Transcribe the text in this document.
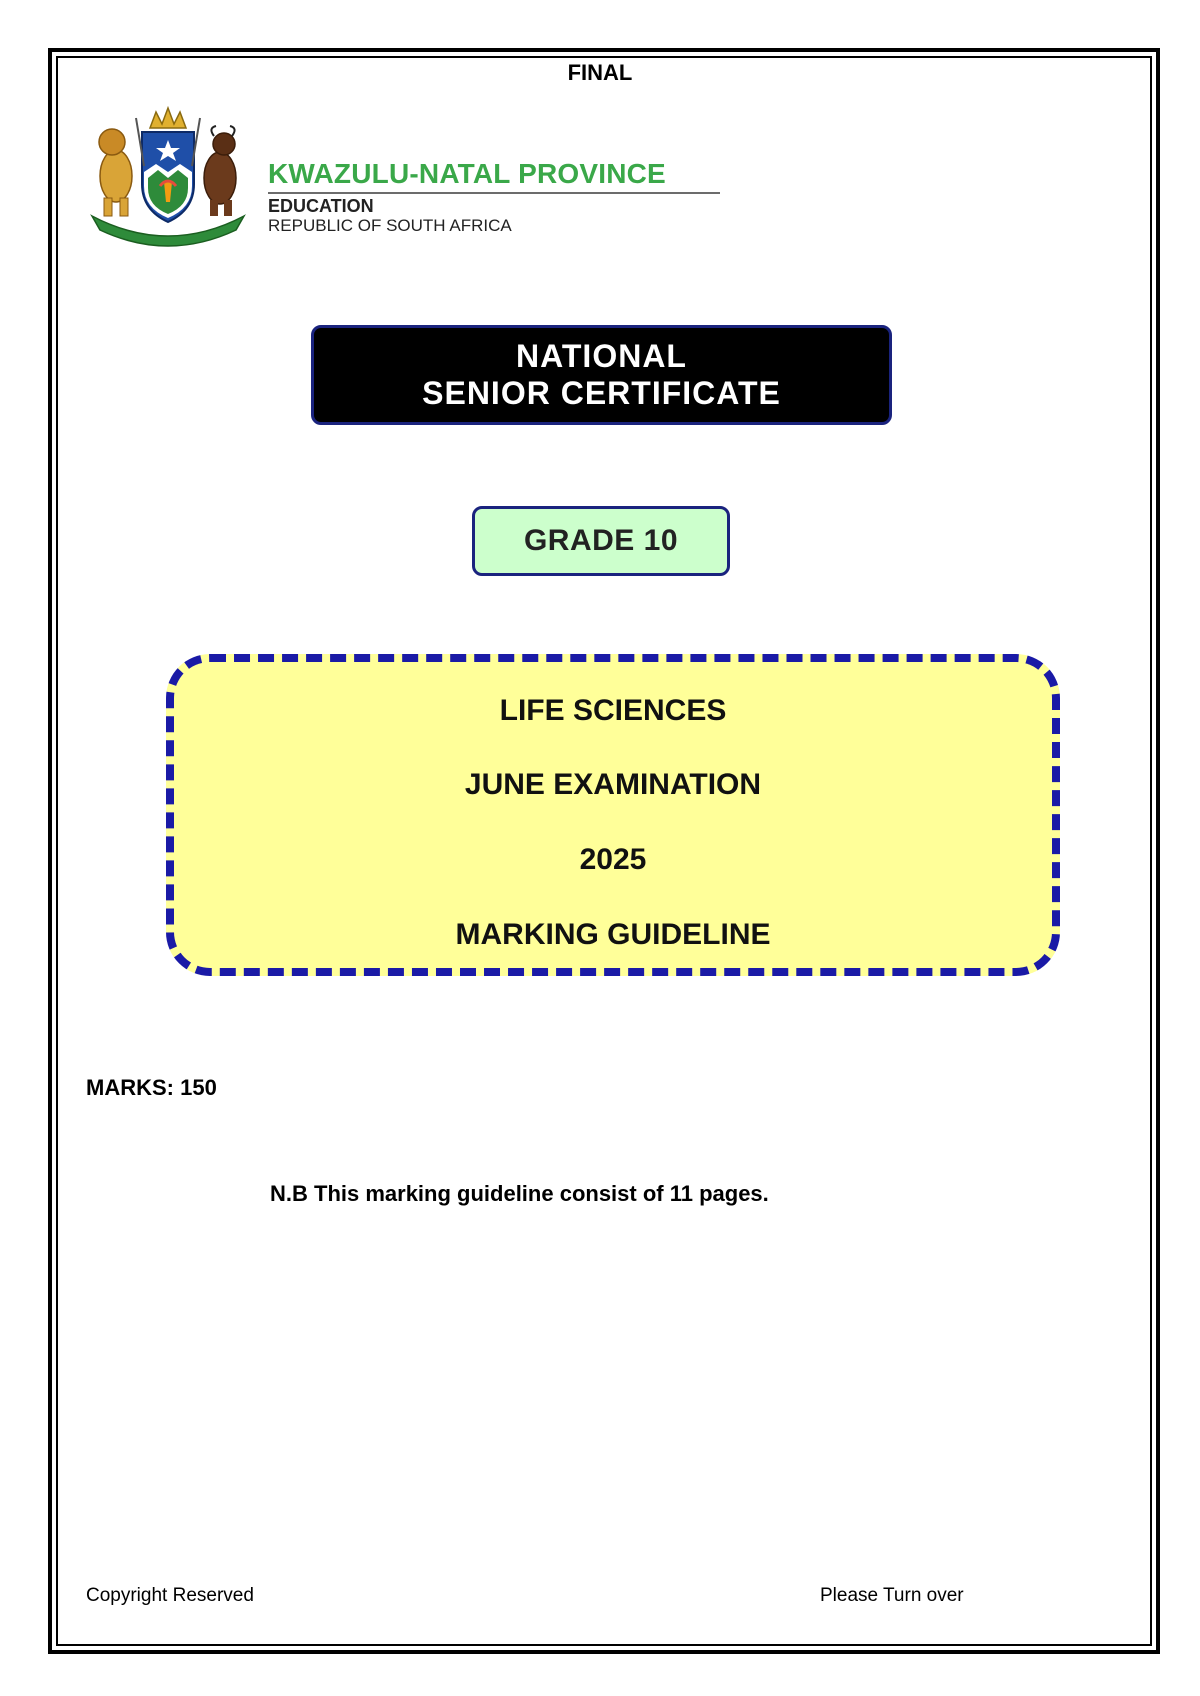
FINAL
KWAZULU-NATAL PROVINCE
EDUCATION
REPUBLIC OF SOUTH AFRICA
NATIONAL
SENIOR CERTIFICATE
GRADE 10
LIFE SCIENCES
JUNE EXAMINATION
2025
MARKING GUIDELINE
MARKS: 150
N.B This marking guideline consist of 11 pages.
Copyright Reserved	Please Turn over
